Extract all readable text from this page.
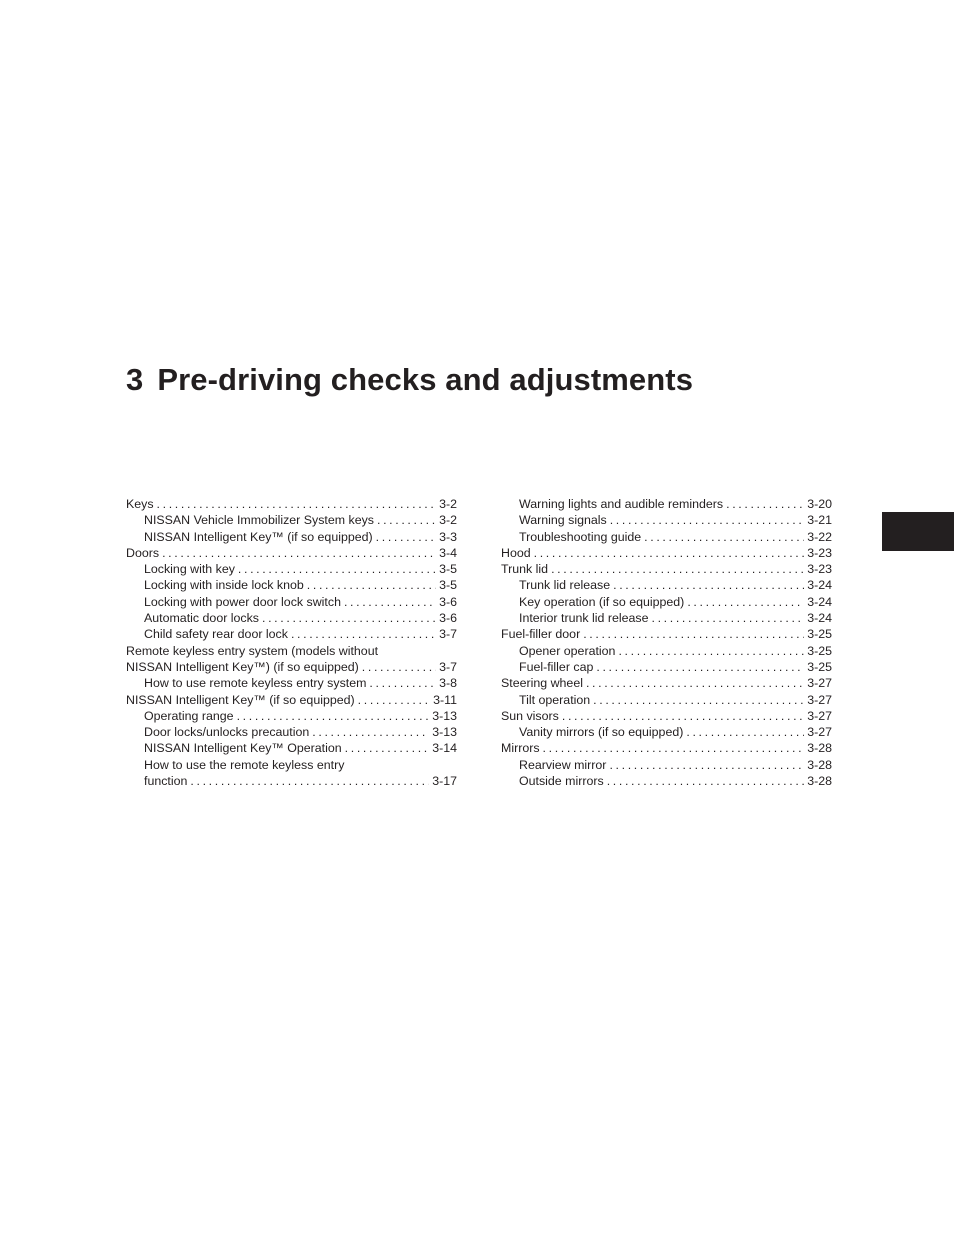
3 Pre-driving checks and adjustments
Keys . . .	3-2
NISSAN Vehicle Immobilizer System keys . . .	3-2
NISSAN Intelligent Key™ (if so equipped) . . .	3-3
Doors . . .	3-4
Locking with key . . .	3-5
Locking with inside lock knob . . .	3-5
Locking with power door lock switch . . .	3-6
Automatic door locks . . .	3-6
Child safety rear door lock . . .	3-7
Remote keyless entry system (models without
NISSAN Intelligent Key™) (if so equipped) . . .	3-7
How to use remote keyless entry system . . .	3-8
NISSAN Intelligent Key™ (if so equipped) . . .	3-11
Operating range . . .	3-13
Door locks/unlocks precaution . . .	3-13
NISSAN Intelligent Key™ Operation . . .	3-14
How to use the remote keyless entry
function . . .	3-17
Warning lights and audible reminders . . .	3-20
Warning signals . . .	3-21
Troubleshooting guide . . .	3-22
Hood . . .	3-23
Trunk lid . . .	3-23
Trunk lid release . . .	3-24
Key operation (if so equipped) . . .	3-24
Interior trunk lid release . . .	3-24
Fuel-filler door . . .	3-25
Opener operation . . .	3-25
Fuel-filler cap . . .	3-25
Steering wheel . . .	3-27
Tilt operation . . .	3-27
Sun visors . . .	3-27
Vanity mirrors (if so equipped) . . .	3-27
Mirrors . . .	3-28
Rearview mirror . . .	3-28
Outside mirrors . . .	3-28
